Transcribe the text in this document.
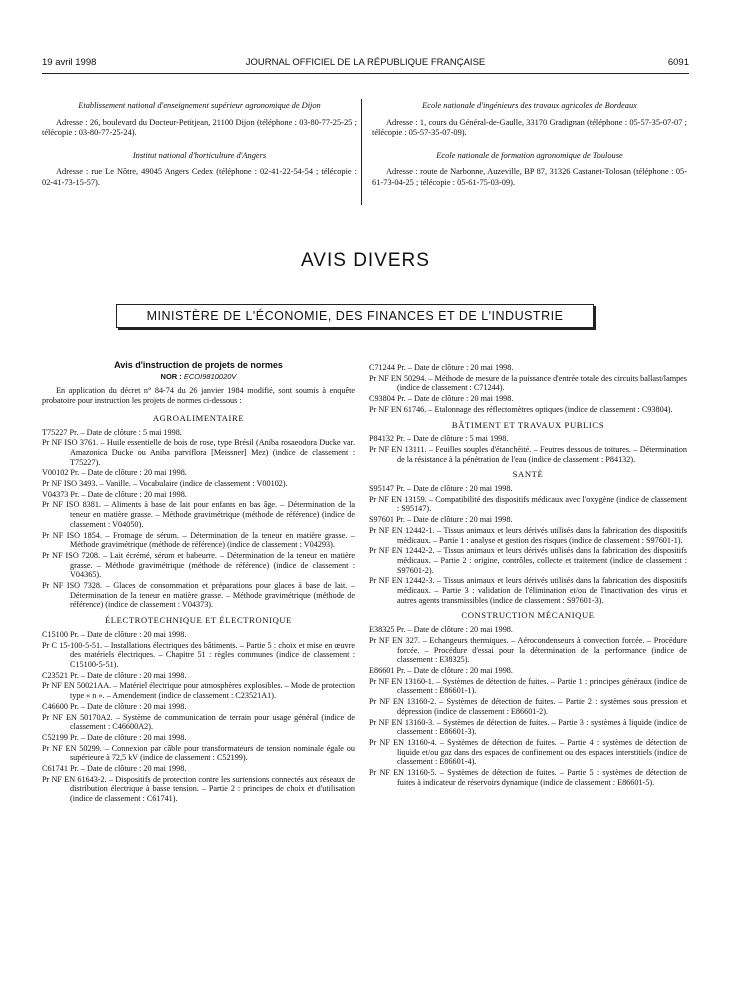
19 avril 1998	JOURNAL OFFICIEL DE LA RÉPUBLIQUE FRANÇAISE	6091
Etablissement national d'enseignement supérieur agronomique de Dijon
Adresse : 26, boulevard du Docteur-Petitjean, 21100 Dijon (téléphone : 03-80-77-25-25 ; télécopie : 03-80-77-25-24).
Institut national d'horticulture d'Angers
Adresse : rue Le Nôtre, 49045 Angers Cedex (téléphone : 02-41-22-54-54 ; télécopie : 02-41-73-15-57).
Ecole nationale d'ingénieurs des travaux agricoles de Bordeaux
Adresse : 1, cours du Général-de-Gaulle, 33170 Gradignan (téléphone : 05-57-35-07-07 ; télécopie : 05-57-35-07-09).
Ecole nationale de formation agronomique de Toulouse
Adresse : route de Narbonne, Auzeville, BP 87, 31326 Castanet-Tolosan (téléphone : 05-61-73-04-25 ; télécopie : 05-61-75-03-09).
AVIS DIVERS
MINISTÈRE DE L'ÉCONOMIE, DES FINANCES ET DE L'INDUSTRIE
Avis d'instruction de projets de normes
NOR : ECOI9810020V
En application du décret n° 84-74 du 26 janvier 1984 modifié, sont soumis à enquête probatoire pour instruction les projets de normes ci-dessous :
AGROALIMENTAIRE
T75227 Pr. – Date de clôture : 5 mai 1998.
Pr NF ISO 3761. – Huile essentielle de bois de rose, type Brésil (Aniba rosaeodora Ducke var. Amazonica Ducke ou Aniba parviflora [Meissner] Mez) (indice de classement : T75227).
V00102 Pr. – Date de clôture : 20 mai 1998.
Pr NF ISO 3493. – Vanille. – Vocabulaire (indice de classement : V00102).
V04373 Pr. – Date de clôture : 20 mai 1998.
Pr NF ISO 8381. – Aliments à base de lait pour enfants en bas âge. – Détermination de la teneur en matière grasse. – Méthode gravimétrique (méthode de référence) (indice de classement : V04050).
Pr NF ISO 1854. – Fromage de sérum. – Détermination de la teneur en matière grasse. – Méthode gravimétrique (méthode de référence) (indice de classement : V04293).
Pr NF ISO 7208. – Lait écrémé, sérum et babeurre. – Détermination de la teneur en matière grasse. – Méthode gravimétrique (méthode de référence) (indice de classement : V04365).
Pr NF ISO 7328. – Glaces de consommation et préparations pour glaces à base de lait. – Détermination de la teneur en matière grasse. – Méthode gravimétrique (méthode de référence) (indice de classement : V04373).
ÉLECTROTECHNIQUE ET ÉLECTRONIQUE
C15100 Pr. – Date de clôture : 20 mai 1998.
Pr C 15-100-5-51. – Installations électriques des bâtiments. – Partie 5 : choix et mise en œuvre des matériels électriques. – Chapitre 51 : règles communes (indice de classement : C15100-5-51).
C23521 Pr. – Date de clôture : 20 mai 1998.
Pr NF EN 50021AA. – Matériel électrique pour atmosphères explosibles. – Mode de protection type « n ». – Amendement (indice de classement : C23521A1).
C46600 Pr. – Date de clôture : 20 mai 1998.
Pr NF EN 50170A2. – Système de communication de terrain pour usage général (indice de classement : C46600A2).
C52199 Pr. – Date de clôture : 20 mai 1998.
Pr NF EN 50299. – Connexion par câble pour transformateurs de tension nominale égale ou supérieure à 72,5 kV (indice de classement : C52199).
C61741 Pr. – Date de clôture : 20 mai 1998.
Pr NF EN 61643-2. – Dispositifs de protection contre les surtensions connectés aux réseaux de distribution électrique à basse tension. – Partie 2 : principes de choix et d'utilisation (indice de classement : C61741).
C71244 Pr. – Date de clôture : 20 mai 1998.
Pr NF EN 50294. – Méthode de mesure de la puissance d'entrée totale des circuits ballast/lampes (indice de classement : C71244).
C93804 Pr. – Date de clôture : 20 mai 1998.
Pr NF EN 61746. – Etalonnage des réflectomètres optiques (indice de classement : C93804).
BÂTIMENT ET TRAVAUX PUBLICS
P84132 Pr. – Date de clôture : 5 mai 1998.
Pr NF EN 13111. – Feuilles souples d'étanchéité. – Feutres dessous de toitures. – Détermination de la résistance à la pénétration de l'eau (indice de classement : P84132).
SANTÉ
S95147 Pr. – Date de clôture : 20 mai 1998.
Pr NF EN 13159. – Compatibilité des dispositifs médicaux avec l'oxygène (indice de classement : S95147).
S97601 Pr. – Date de clôture : 20 mai 1998.
Pr NF EN 12442-1. – Tissus animaux et leurs dérivés utilisés dans la fabrication des dispositifs médicaux. – Partie 1 : analyse et gestion des risques (indice de classement : S97601-1).
Pr NF EN 12442-2. – Tissus animaux et leurs dérivés utilisés dans la fabrication des dispositifs médicaux. – Partie 2 : origine, contrôles, collecte et traitement (indice de classement : S97601-2).
Pr NF EN 12442-3. – Tissus animaux et leurs dérivés utilisés dans la fabrication des dispositifs médicaux. – Partie 3 : validation de l'élimination et/ou de l'inactivation des virus et autres agents transmissibles (indice de classement : S97601-3).
CONSTRUCTION MÉCANIQUE
E38325 Pr. – Date de clôture : 20 mai 1998.
Pr NF EN 327. – Echangeurs thermiques. – Aérocondenseurs à convection forcée. – Procédure forcée. – Procédure d'essai pour la détermination de la performance (indice de classement : E38325).
E86601 Pr. – Date de clôture : 20 mai 1998.
Pr NF EN 13160-1. – Systèmes de détection de fuites. – Partie 1 : principes généraux (indice de classement : E86601-1).
Pr NF EN 13160-2. – Systèmes de détection de fuites. – Partie 2 : systèmes sous pression et dépression (indice de classement : E86601-2).
Pr NF EN 13160-3. – Systèmes de détection de fuites. – Partie 3 : systèmes à liquide (indice de classement : E86601-3).
Pr NF EN 13160-4. – Systèmes de détection de fuites. – Partie 4 : systèmes de détection de liquide et/ou gaz dans des espaces de confinement ou des espaces interstitiels (indice de classement : E86601-4).
Pr NF EN 13160-5. – Systèmes de détection de fuites. – Partie 5 : systèmes de détection de fuites à indicateur de réservoirs dynamique (indice de classement : E86601-5).
